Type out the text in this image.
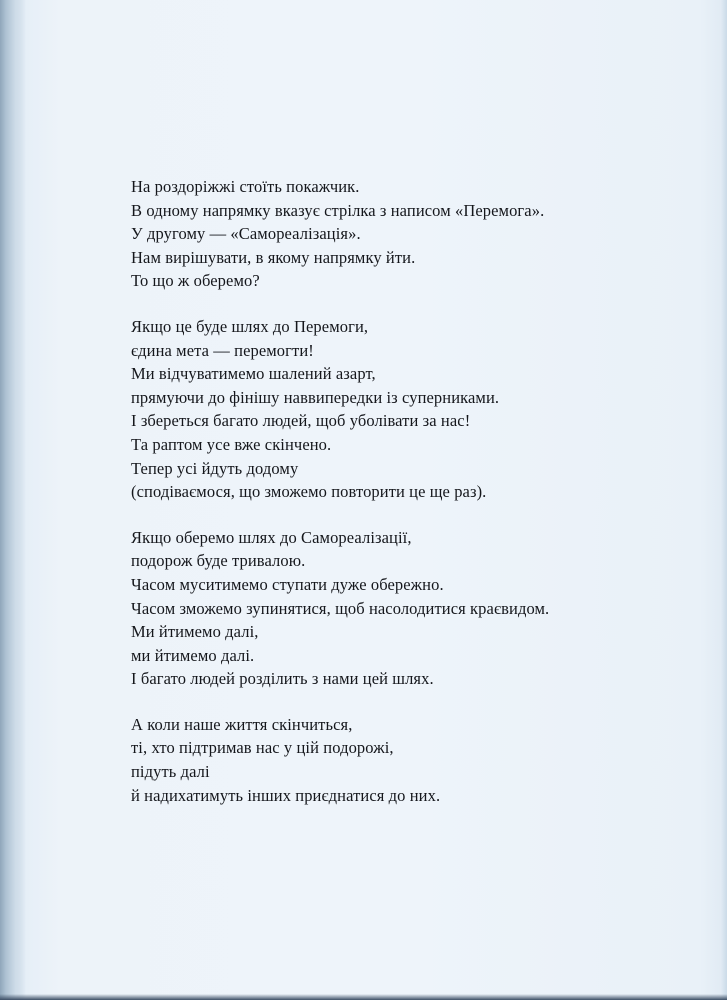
На роздоріжжі стоїть покажчик.
В одному напрямку вказує стрілка з написом «Перемога».
У другому — «Самореалізація».
Нам вирішувати, в якому напрямку йти.
То що ж оберемо?
Якщо це буде шлях до Перемоги,
єдина мета — перемогти!
Ми відчуватимемо шалений азарт,
прямуючи до фінішу наввипередки із суперниками.
І збереться багато людей, щоб уболівати за нас!
Та раптом усе вже скінчено.
Тепер усі йдуть додому
(сподіваємося, що зможемо повторити це ще раз).
Якщо оберемо шлях до Самореалізації,
подорож буде тривалою.
Часом муситимемо ступати дуже обережно.
Часом зможемо зупинятися, щоб насолодитися краєвидом.
Ми йтимемо далі,
ми йтимемо далі.
І багато людей розділить з нами цей шлях.
А коли наше життя скінчиться,
ті, хто підтримав нас у цій подорожі,
підуть далі
й надихатимуть інших приєднатися до них.
